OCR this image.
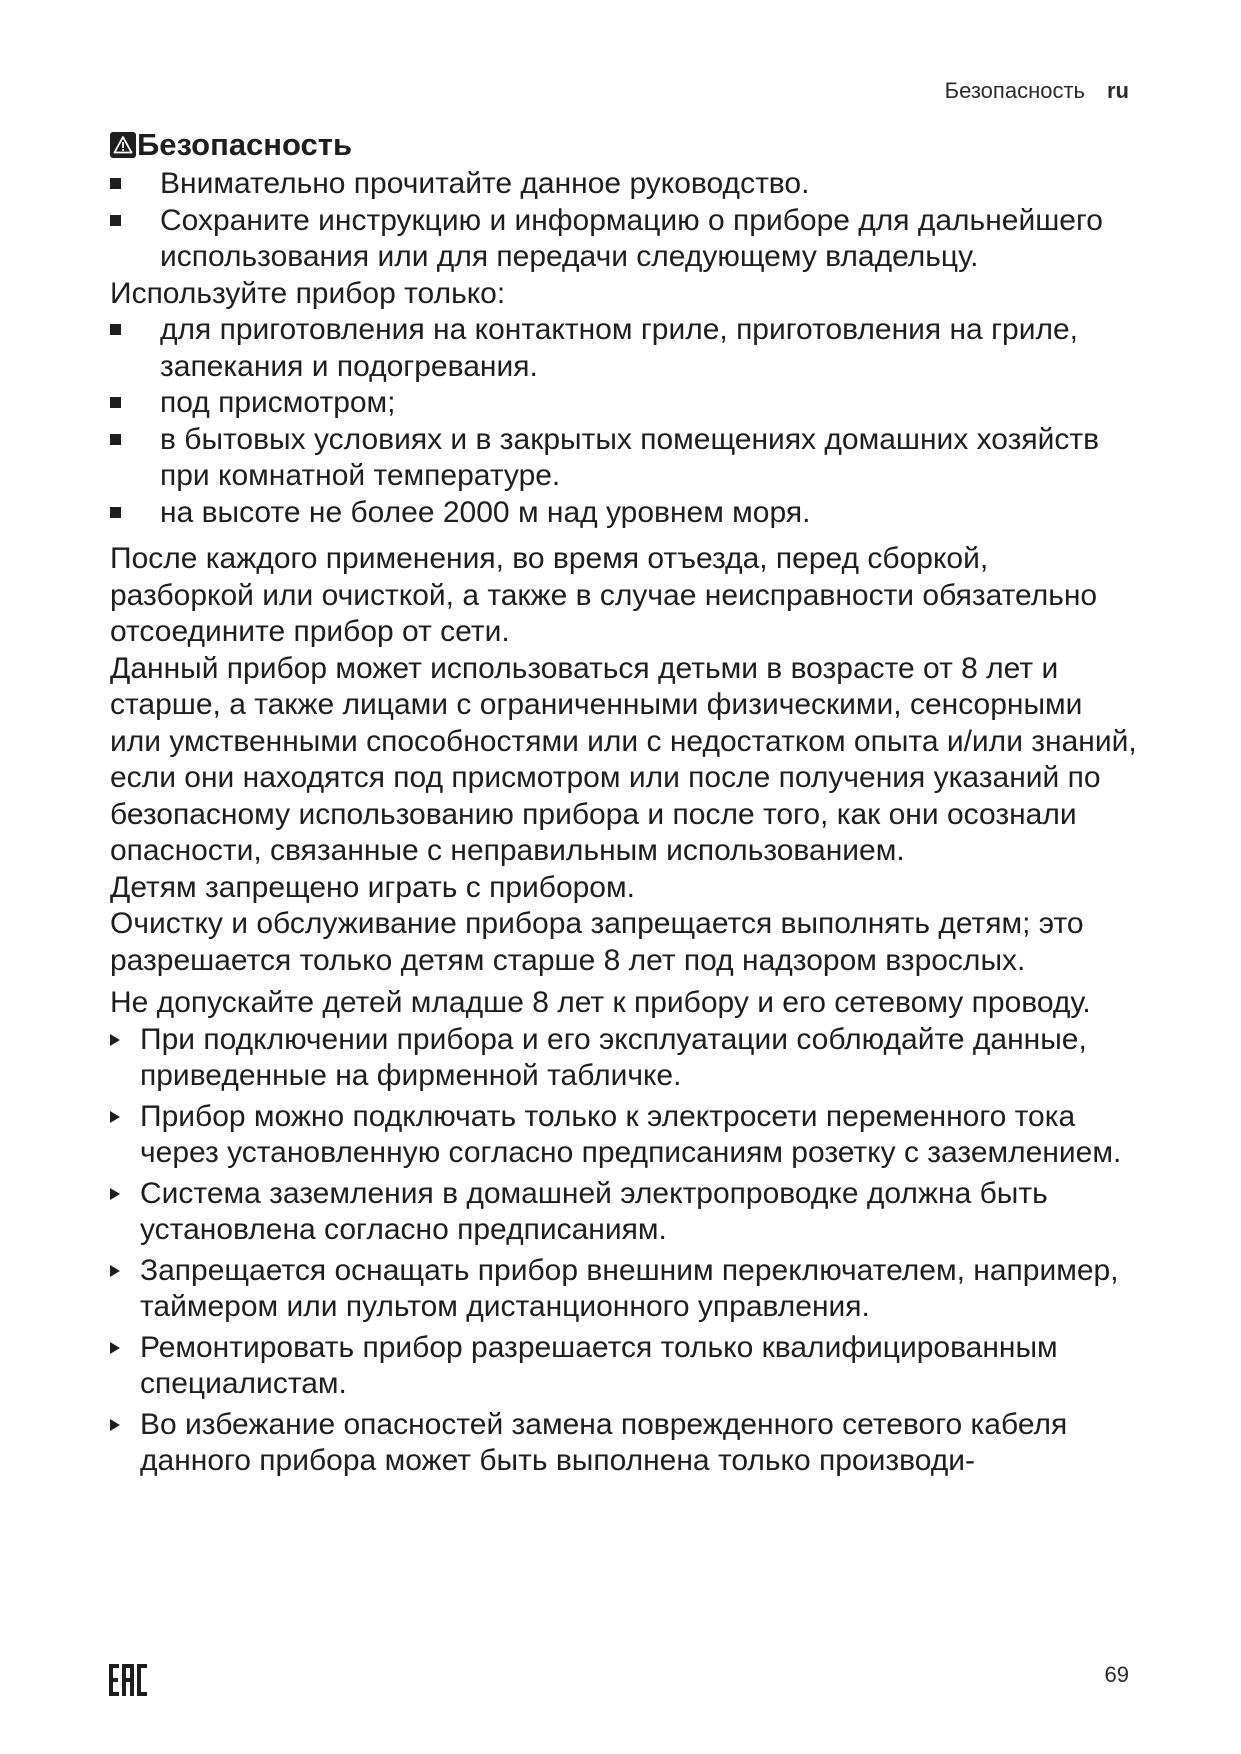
Безопасность ru
Безопасность
Внимательно прочитайте данное руководство.
Сохраните инструкцию и информацию о приборе для дальнейшего использования или для передачи следующему владельцу.

Используйте прибор только:

для приготовления на контактном гриле, приготовления на гриле, запекания и подогревания.
под присмотром;
в бытовых условиях и в закрытых помещениях домашних хозяйств при комнатной температуре.
на высоте не более 2000 м над уровнем моря.

После каждого применения, во время отъезда, перед сборкой, разборкой или очисткой, а также в случае неисправности обязательно отсоедините прибор от сети.

Данный прибор может использоваться детьми в возрасте от 8 лет и старше, а также лицами с ограниченными физическими, сенсорными или умственными способностями или с недостатком опыта и/или знаний, если они находятся под присмотром или после получения указаний по безопасному использованию прибора и после того, как они осознали опасности, связанные с неправильным использованием.

Детям запрещено играть с прибором.

Очистку и обслуживание прибора запрещается выполнять детям; это разрешается только детям старше 8 лет под надзором взрослых.

Не допускайте детей младше 8 лет к прибору и его сетевому проводу.

При подключении прибора и его эксплуатации соблюдайте данные, приведенные на фирменной табличке.
Прибор можно подключать только к электросети переменного тока через установленную согласно предписаниям розетку с заземлением.
Система заземления в домашней электропроводке должна быть установлена согласно предписаниям.
Запрещается оснащать прибор внешним переключателем, например, таймером или пультом дистанционного управления.
Ремонтировать прибор разрешается только квалифицированным специалистам.
Во избежание опасностей замена поврежденного сетевого кабеля данного прибора может быть выполнена только производи-
69
